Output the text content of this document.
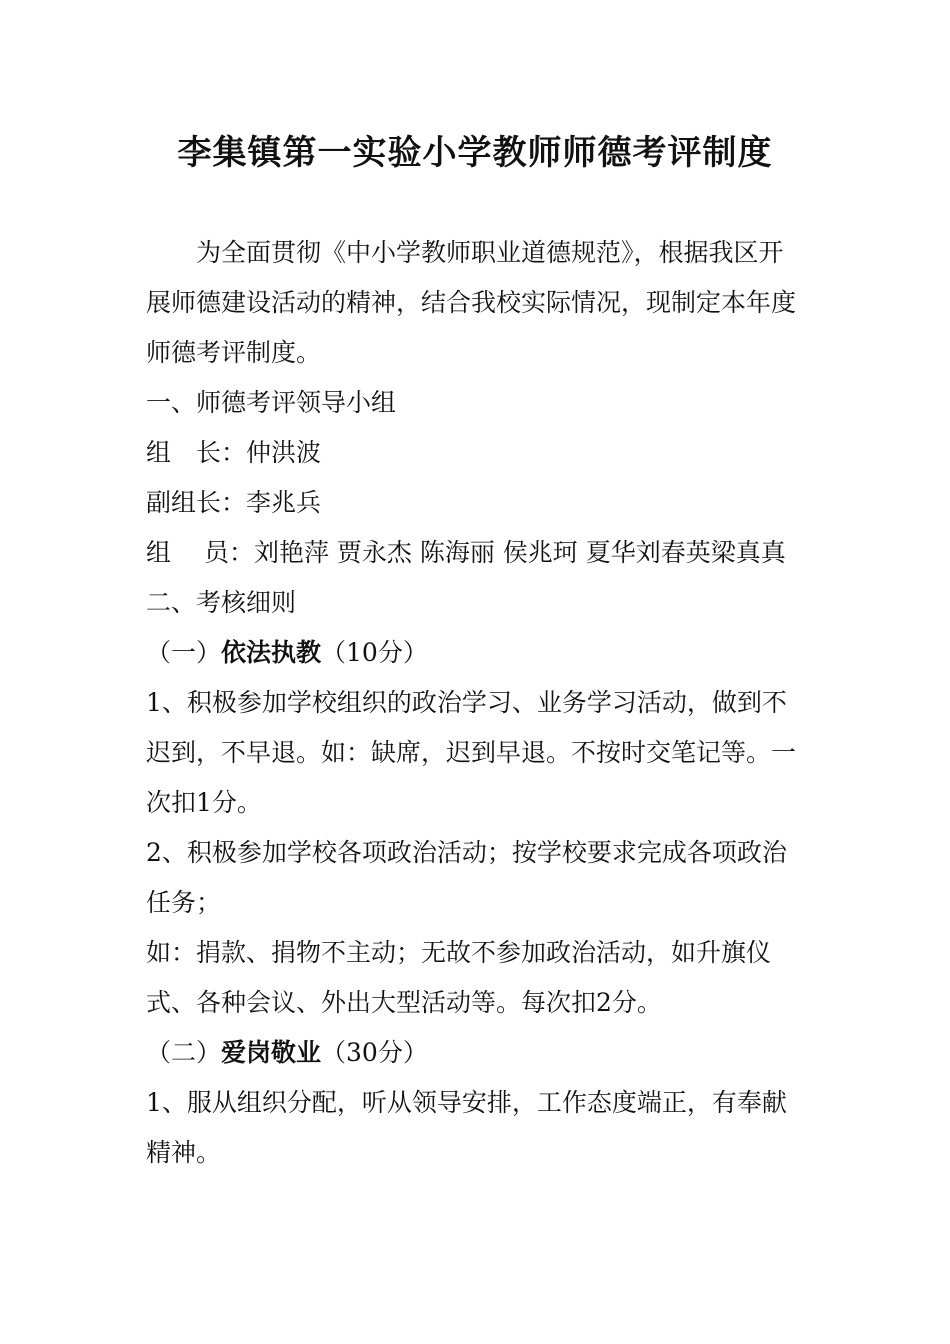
李集镇第一实验小学教师师德考评制度

为全面贯彻《中小学教师职业道德规范》，根据我区开展师德建设活动的精神，结合我校实际情况，现制定本年度师德考评制度。

一、师德考评领导小组

组　长：仲洪波

副组长：李兆兵

组　 员：刘艳萍 贾永杰 陈海丽 侯兆珂 夏华刘春英梁真真

二、考核细则

（一）依法执教（10分）

1、积极参加学校组织的政治学习、业务学习活动，做到不迟到，不早退。如：缺席，迟到早退。不按时交笔记等。一次扣1分。

2、积极参加学校各项政治活动；按学校要求完成各项政治任务；

如：捐款、捐物不主动；无故不参加政治活动，如升旗仪式、各种会议、外出大型活动等。每次扣2分。

（二）爱岗敬业（30分）

1、服从组织分配，听从领导安排，工作态度端正，有奉献精神。
